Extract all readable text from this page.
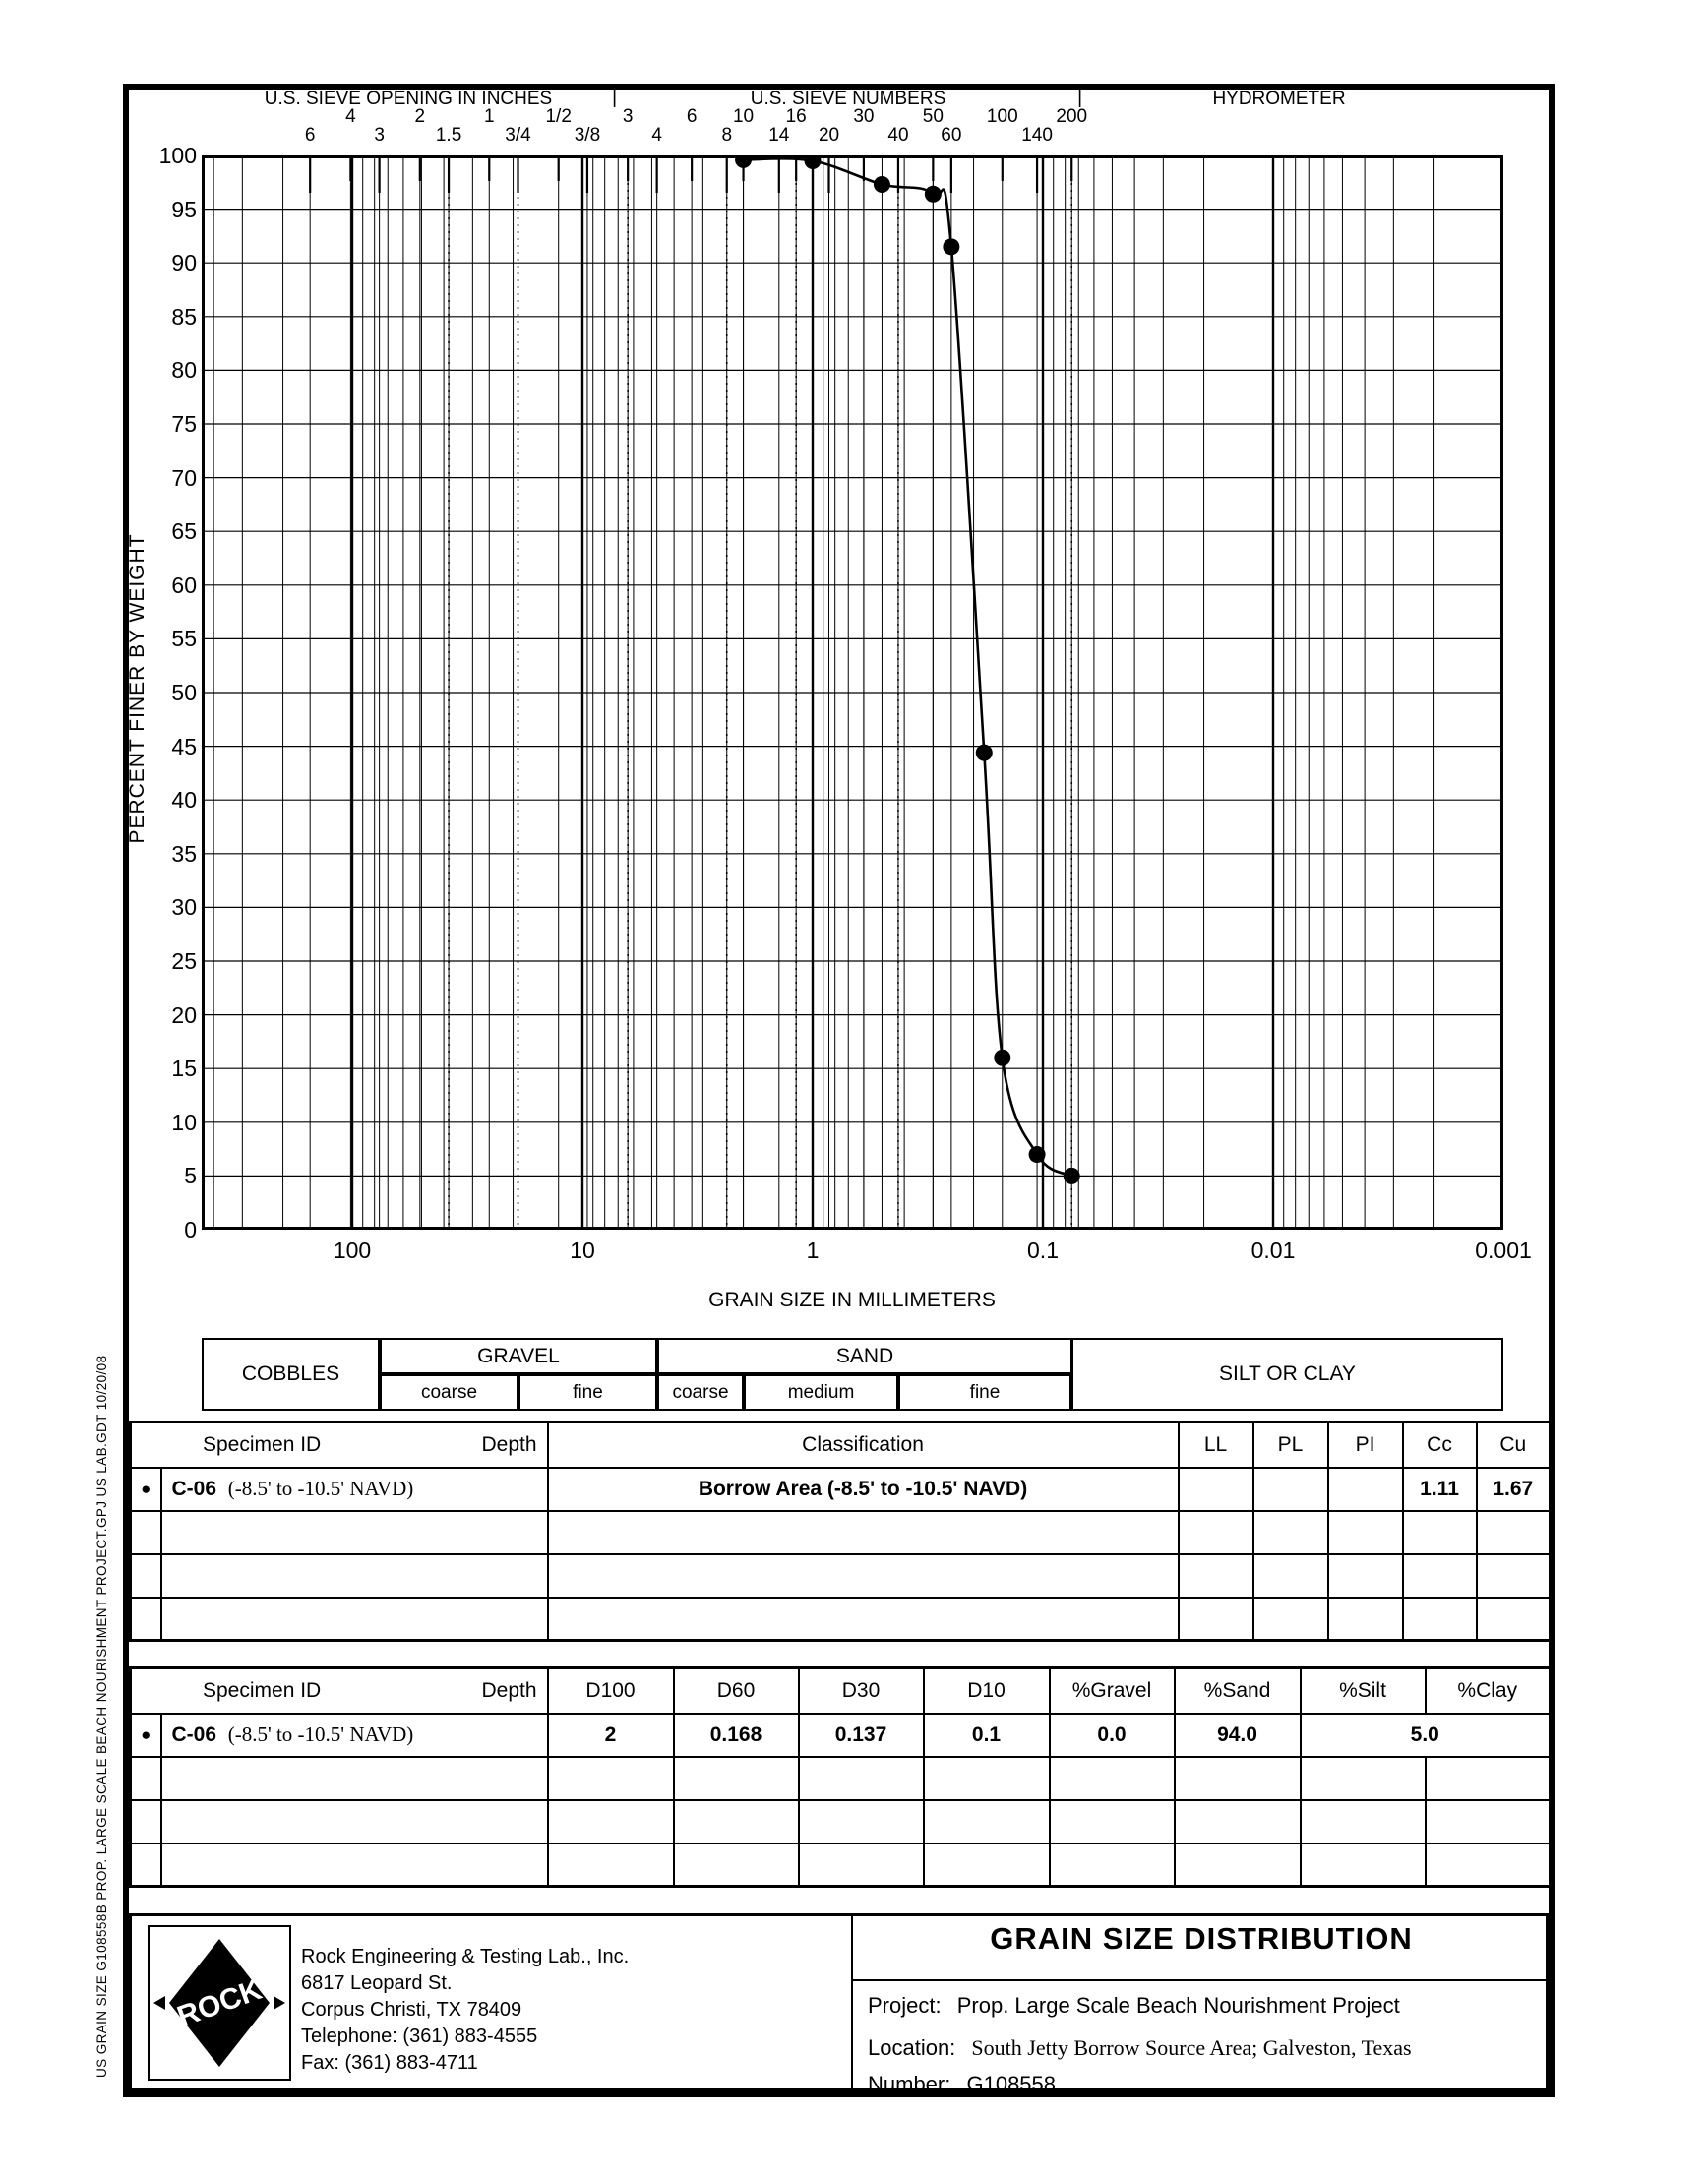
US GRAIN SIZE G108558B PROP. LARGE SCALE BEACH NOURISHMENT PROJECT.GPJ US LAB.GDT 10/20/08
U.S. SIEVE OPENING IN INCHES	|	U.S. SIEVE NUMBERS	|	HYDROMETER
6
4
3
2
1.5
1
3/4
1/2
3/8
3
4
6
8
10
14
16
20
30
40
50
60
100
140
200
100
95
90
85
80
75
70
65
60
55
50
45
40
35
30
25
20
15
10
5
0
100	10	1	0.1	0.01	0.001
PERCENT FINER BY WEIGHT
GRAIN SIZE IN MILLIMETERS
COBBLES
GRAVEL
coarse	fine
SAND
coarse	medium	fine
SILT OR CLAY
Specimen ID Depth		Classification	LL	PL	PI	Cc	Cu
●	C-06 (-8.5' to -10.5' NAVD)	Borrow Area (-8.5' to -10.5' NAVD)				1.11	1.67

Specimen ID Depth		D100	D60	D30	D10	%Gravel	%Sand	%Silt	%Clay
●	C-06 (-8.5' to -10.5' NAVD)	2	0.168	0.137	0.1	0.0	94.0	5.0	

ROCK
Rock Engineering & Testing Lab., Inc.
6817 Leopard St.
Corpus Christi, TX 78409
Telephone: (361) 883-4555
Fax: (361) 883-4711
GRAIN SIZE DISTRIBUTION
Project: Prop. Large Scale Beach Nourishment Project
Location: South Jetty Borrow Source Area; Galveston, Texas
Number: G108558
